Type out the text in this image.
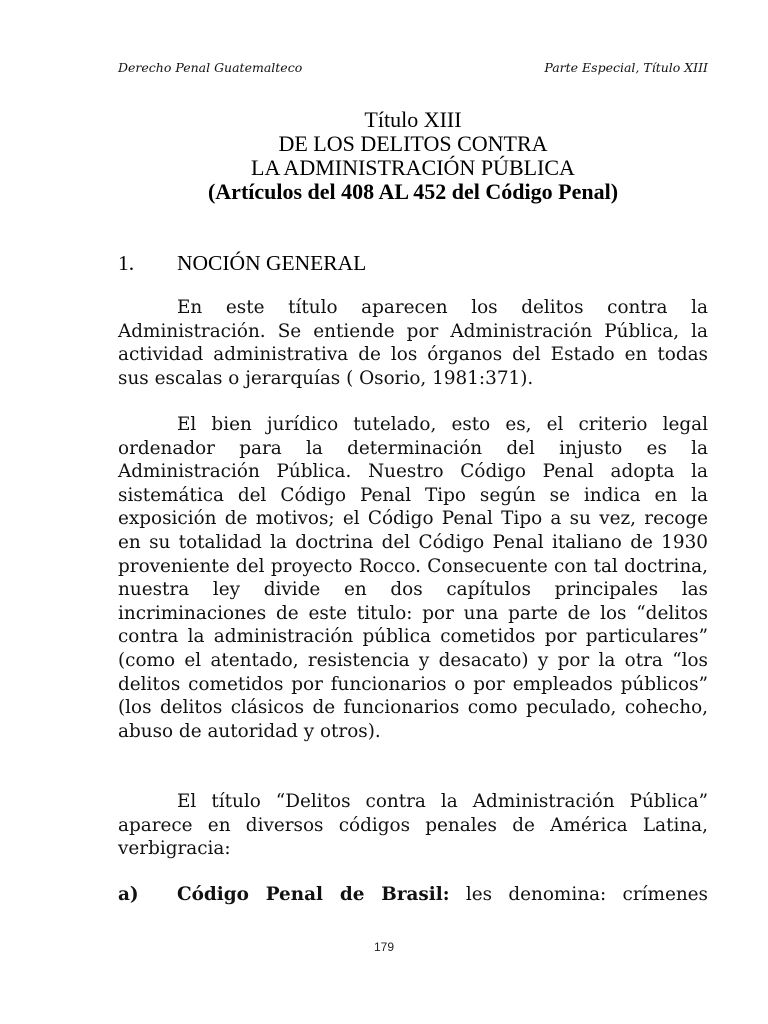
Derecho Penal Guatemalteco	Parte Especial, Título XIII
Título XIII
DE LOS DELITOS CONTRA
LA ADMINISTRACIÓN PÚBLICA
(Artículos del 408 AL 452 del Código Penal)
1. NOCIÓN GENERAL

En este título aparecen los delitos contra la Administración. Se entiende por Administración Pública, la actividad administrativa de los órganos del Estado en todas sus escalas o jerarquías ( Osorio, 1981:371).

El bien jurídico tutelado, esto es, el criterio legal ordenador para la determinación del injusto es la Administración Pública. Nuestro Código Penal adopta la sistemática del Código Penal Tipo según se indica en la exposición de motivos; el Código Penal Tipo a su vez, recoge en su totalidad la doctrina del Código Penal italiano de 1930 proveniente del proyecto Rocco. Consecuente con tal doctrina, nuestra ley divide en dos capítulos principales las incriminaciones de este titulo: por una parte de los “delitos contra la administración pública cometidos por particulares” (como el atentado, resistencia y desacato) y por la otra “los delitos cometidos por funcionarios o por empleados públicos” (los delitos clásicos de funcionarios como peculado, cohecho, abuso de autoridad y otros).

El título “Delitos contra la Administración Pública” aparece en diversos códigos penales de América Latina, verbigracia:

a) Código Penal de Brasil: les denomina: crímenes
179
